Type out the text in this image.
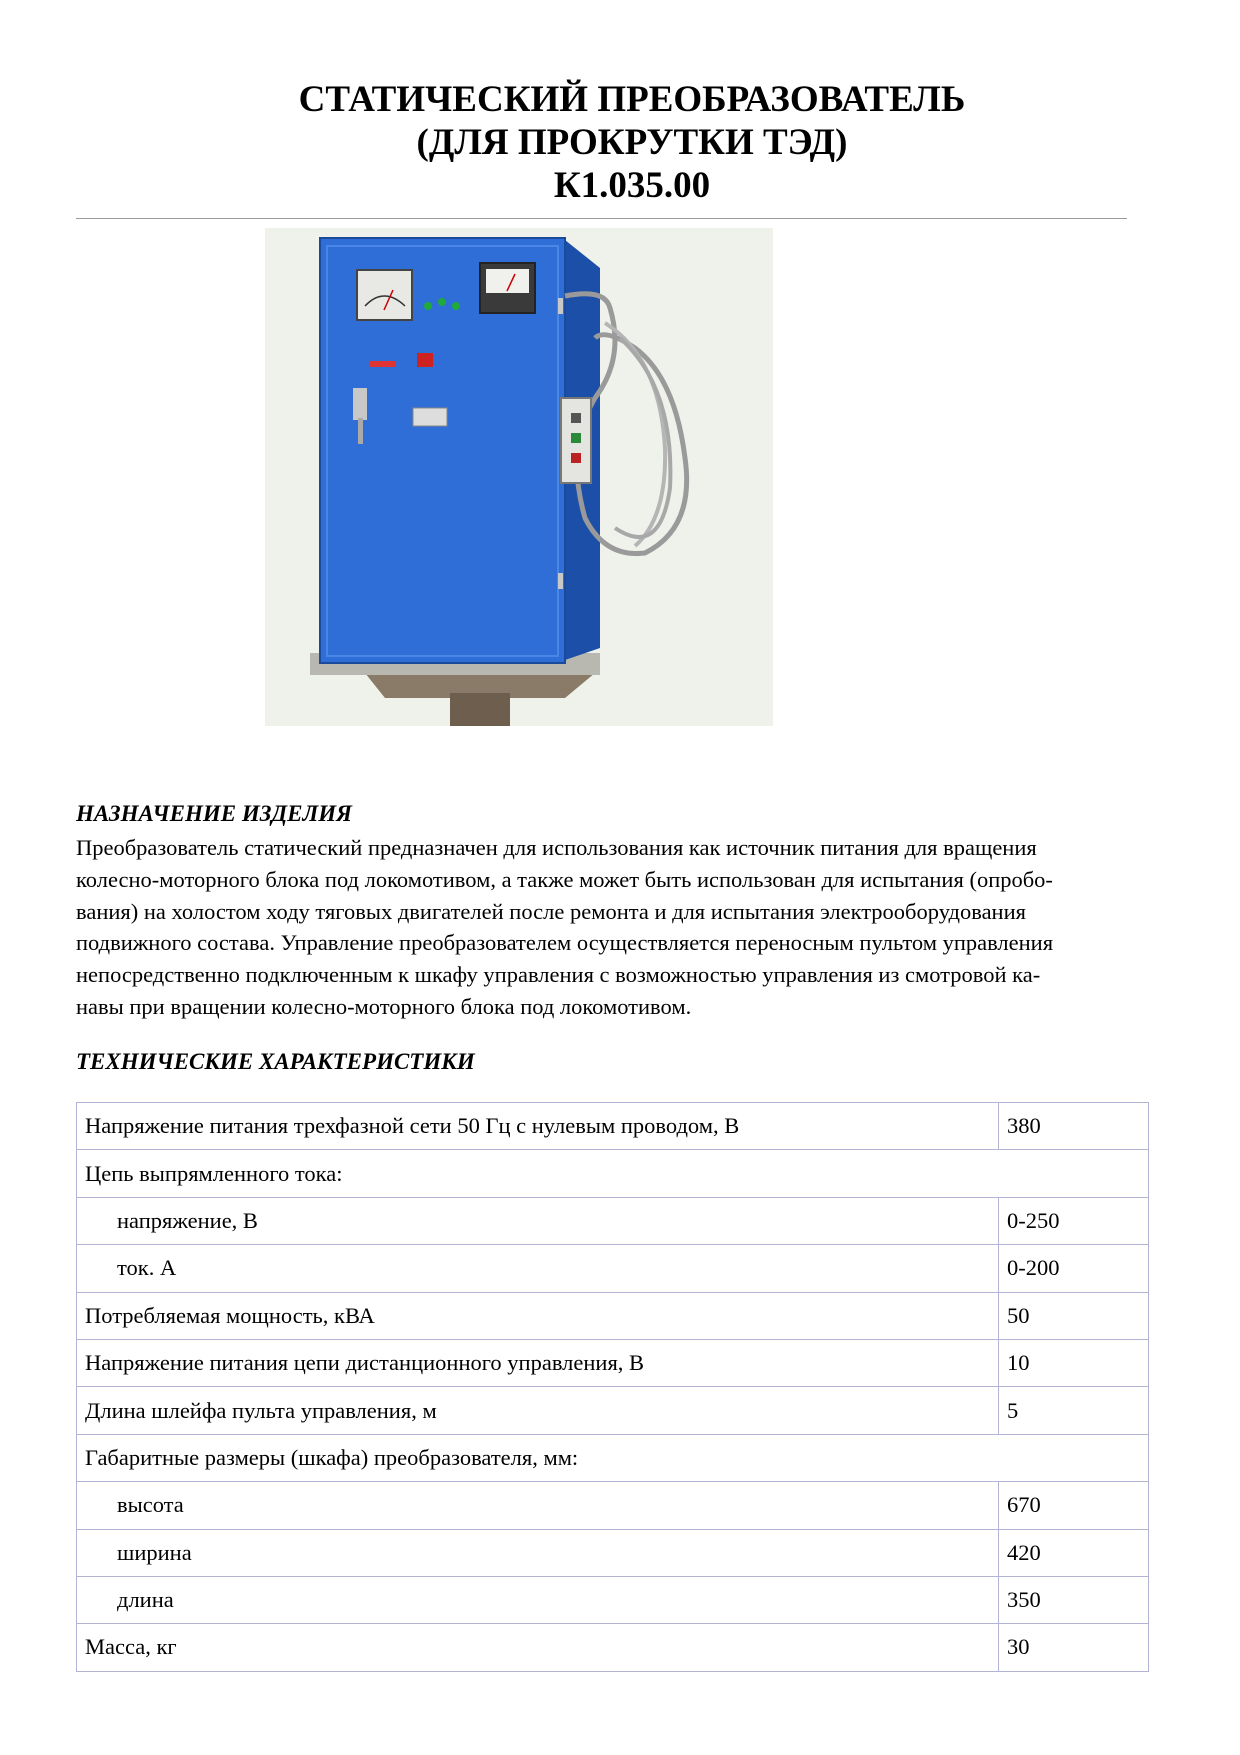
СТАТИЧЕСКИЙ ПРЕОБРАЗОВАТЕЛЬ
(ДЛЯ ПРОКРУТКИ ТЭД)
К1.035.00
НАЗНАЧЕНИЕ ИЗДЕЛИЯ

Преобразователь статический предназначен для использования как источник питания для вращения
колесно-моторного блока под локомотивом, а также может быть использован для испытания (опробо-
вания) на холостом ходу тяговых двигателей после ремонта и для испытания электрооборудования
подвижного состава. Управление преобразователем осуществляется переносным пультом управления
непосредственно подключенным к шкафу управления с возможностью управления из смотровой ка-
навы при вращении колесно-моторного блока под локомотивом.

ТЕХНИЧЕСКИЕ ХАРАКТЕРИСТИКИ
Напряжение питания трехфазной сети 50 Гц с нулевым проводом, В	380
Цепь выпрямленного тока:	
напряжение, В	0-250
ток. А	0-200
Потребляемая мощность, кВА	50
Напряжение питания цепи дистанционного управления, В	10
Длина шлейфа пульта управления, м	5
Габаритные размеры (шкафа) преобразователя, мм:	
высота	670
ширина	420
длина	350
Масса, кг	30
